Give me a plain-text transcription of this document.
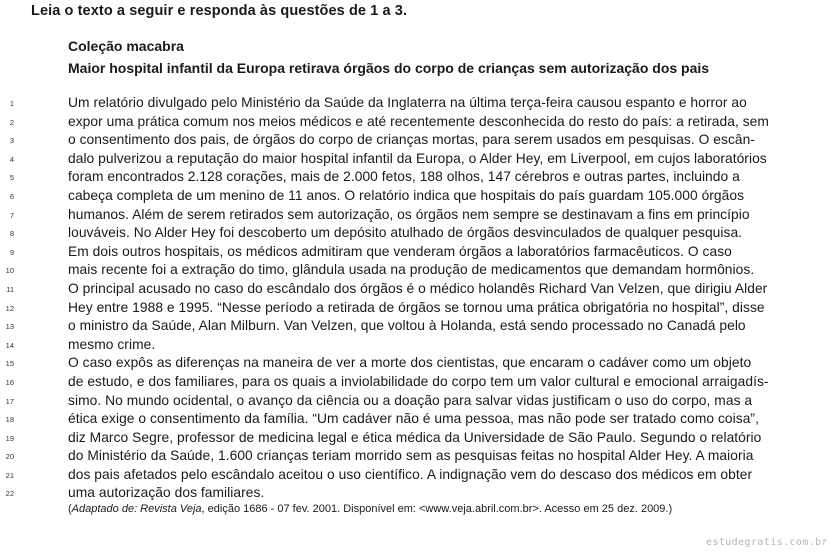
Leia o texto a seguir e responda às questões de 1 a 3.
Coleção macabra
Maior hospital infantil da Europa retirava órgãos do corpo de crianças sem autorização dos pais
1	Um relatório divulgado pelo Ministério da Saúde da Inglaterra na última terça-feira causou espanto e horror ao
2	expor uma prática comum nos meios médicos e até recentemente desconhecida do resto do país: a retirada, sem
3	o consentimento dos pais, de órgãos do corpo de crianças mortas, para serem usados em pesquisas. O escân-
4	dalo pulverizou a reputação do maior hospital infantil da Europa, o Alder Hey, em Liverpool, em cujos laboratórios
5	foram encontrados 2.128 corações, mais de 2.000 fetos, 188 olhos, 147 cérebros e outras partes, incluindo a
6	cabeça completa de um menino de 11 anos. O relatório indica que hospitais do país guardam 105.000 órgãos
7	humanos. Além de serem retirados sem autorização, os órgãos nem sempre se destinavam a fins em princípio
8	louváveis. No Alder Hey foi descoberto um depósito atulhado de órgãos desvinculados de qualquer pesquisa.
9	Em dois outros hospitais, os médicos admitiram que venderam órgãos a laboratórios farmacêuticos. O caso
10	mais recente foi a extração do timo, glândula usada na produção de medicamentos que demandam hormônios.
11	O principal acusado no caso do escândalo dos órgãos é o médico holandês Richard Van Velzen, que dirigiu Alder
12	Hey entre 1988 e 1995. “Nesse período a retirada de órgãos se tornou uma prática obrigatória no hospital”, disse
13	o ministro da Saúde, Alan Milburn. Van Velzen, que voltou à Holanda, está sendo processado no Canadá pelo
14	mesmo crime.
15	O caso expôs as diferenças na maneira de ver a morte dos cientistas, que encaram o cadáver como um objeto
16	de estudo, e dos familiares, para os quais a inviolabilidade do corpo tem um valor cultural e emocional arraigadís-
17	simo. No mundo ocidental, o avanço da ciência ou a doação para salvar vidas justificam o uso do corpo, mas a
18	ética exige o consentimento da família. “Um cadáver não é uma pessoa, mas não pode ser tratado como coisa”,
19	diz Marco Segre, professor de medicina legal e ética médica da Universidade de São Paulo. Segundo o relatório
20	do Ministério da Saúde, 1.600 crianças teriam morrido sem as pesquisas feitas no hospital Alder Hey. A maioria
21	dos pais afetados pelo escândalo aceitou o uso científico. A indignação vem do descaso dos médicos em obter
22	uma autorização dos familiares.
(Adaptado de: Revista Veja, edição 1686 - 07 fev. 2001. Disponível em: <www.veja.abril.com.br>. Acesso em 25 dez. 2009.)
estudegratis.com.br
